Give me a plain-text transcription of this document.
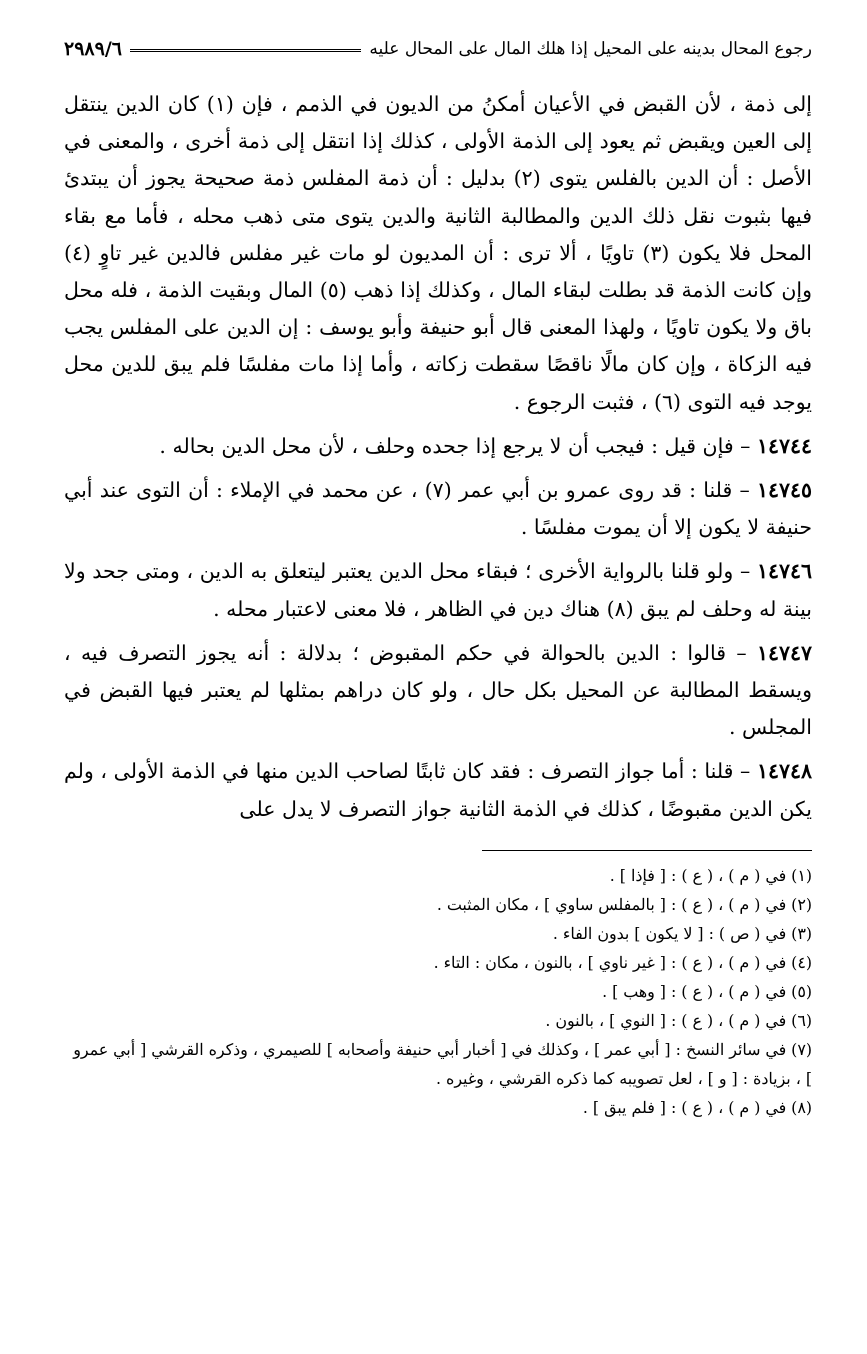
رجوع المحال بدينه على المحيل إذا هلك المال على المحال عليه
٢٩٨٩/٦

إلى ذمة ، لأن القبض في الأعيان أمكنُ من الديون في الذمم ، فإن (١) كان الدين ينتقل إلى العين ويقبض ثم يعود إلى الذمة الأولى ، كذلك إذا انتقل إلى ذمة أخرى ، والمعنى في الأصل : أن الدين بالفلس يتوى (٢) بدليل : أن ذمة المفلس ذمة صحيحة يجوز أن يبتدئ فيها بثبوت نقل ذلك الدين والمطالبة الثانية والدين يتوى متى ذهب محله ، فأما مع بقاء المحل فلا يكون (٣) تاويًا ، ألا ترى : أن المديون لو مات غير مفلس فالدين غير تاوٍ (٤) وإن كانت الذمة قد بطلت لبقاء المال ، وكذلك إذا ذهب (٥) المال وبقيت الذمة ، فله محل باق ولا يكون تاويًا ، ولهذا المعنى قال أبو حنيفة وأبو يوسف : إن الدين على المفلس يجب فيه الزكاة ، وإن كان مالًا ناقصًا سقطت زكاته ، وأما إذا مات مفلسًا فلم يبق للدين محل يوجد فيه التوى (٦) ، فثبت الرجوع .

١٤٧٤٤ – فإن قيل : فيجب أن لا يرجع إذا جحده وحلف ، لأن محل الدين بحاله .

١٤٧٤٥ – قلنا : قد روى عمرو بن أبي عمر (٧) ، عن محمد في الإملاء : أن التوى عند أبي حنيفة لا يكون إلا أن يموت مفلسًا .

١٤٧٤٦ – ولو قلنا بالرواية الأخرى ؛ فبقاء محل الدين يعتبر ليتعلق به الدين ، ومتى جحد ولا بينة له وحلف لم يبق (٨) هناك دين في الظاهر ، فلا معنى لاعتبار محله .

١٤٧٤٧ – قالوا : الدين بالحوالة في حكم المقبوض ؛ بدلالة : أنه يجوز التصرف فيه ، ويسقط المطالبة عن المحيل بكل حال ، ولو كان دراهم بمثلها لم يعتبر فيها القبض في المجلس .

١٤٧٤٨ – قلنا : أما جواز التصرف : فقد كان ثابتًا لصاحب الدين منها في الذمة الأولى ، ولم يكن الدين مقبوضًا ، كذلك في الذمة الثانية جواز التصرف لا يدل على

(١) في ( م ) ، ( ع ) : [ فإذا ] .
(٢) في ( م ) ، ( ع ) : [ بالمفلس ساوي ] ، مكان المثبت .
(٣) في ( ص ) : [ لا يكون ] بدون الفاء .
(٤) في ( م ) ، ( ع ) : [ غير ناوي ] ، بالنون ، مكان : التاء .
(٥) في ( م ) ، ( ع ) : [ وهب ] .
(٦) في ( م ) ، ( ع ) : [ النوي ] ، بالنون .
(٧) في سائر النسخ : [ أبي عمر ] ، وكذلك في [ أخبار أبي حنيفة وأصحابه ] للصيمري ، وذكره القرشي [ أبي عمرو ] ، بزيادة : [ و ] ، لعل تصويبه كما ذكره القرشي ، وغيره .
(٨) في ( م ) ، ( ع ) : [ فلم يبق ] .
